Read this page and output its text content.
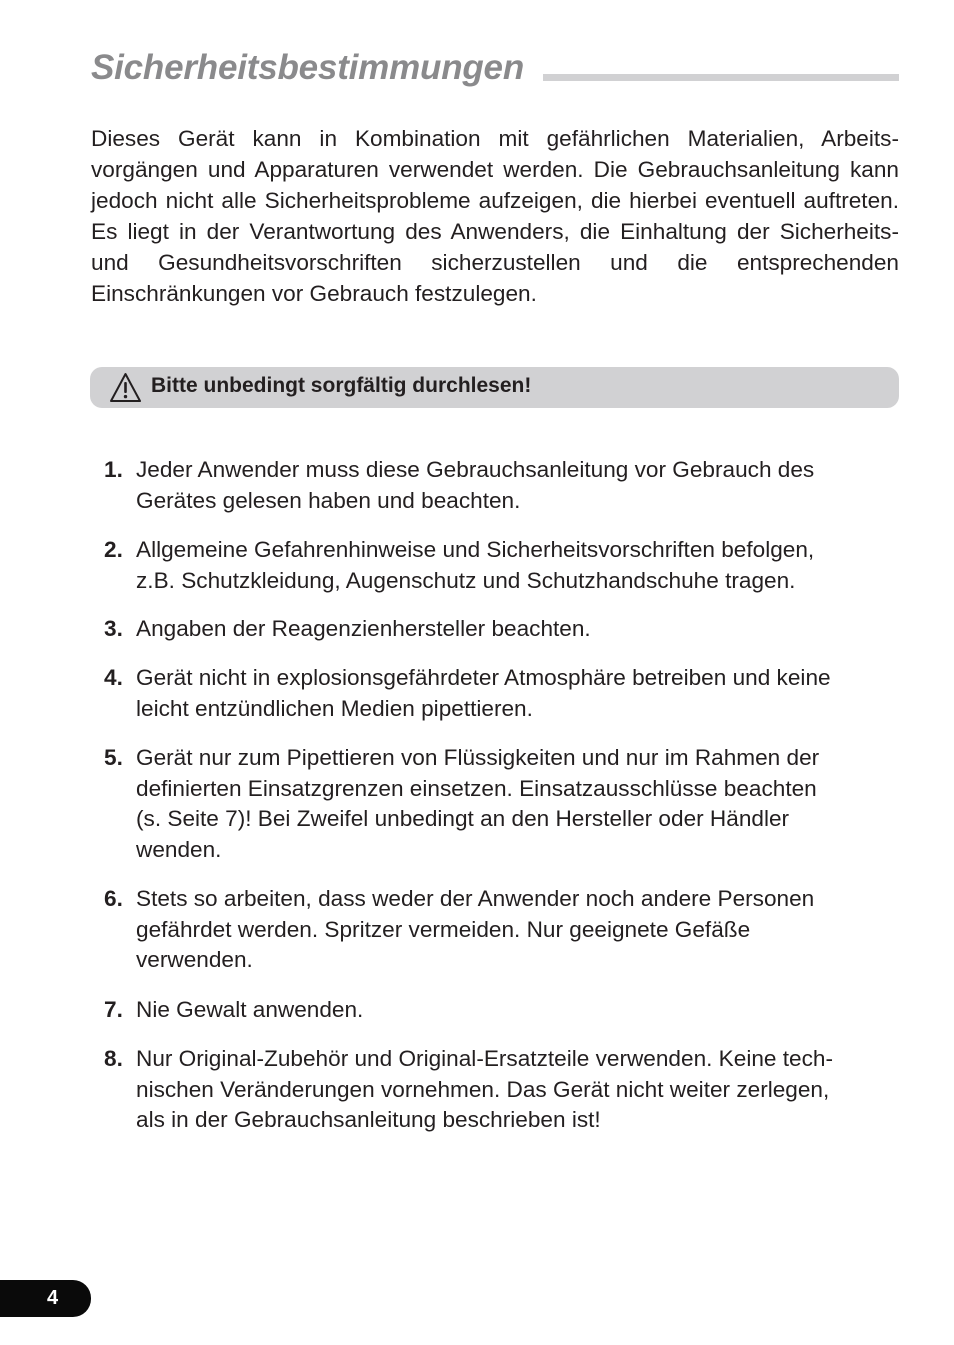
Sicherheitsbestimmungen

Dieses Gerät kann in Kombination mit gefährlichen Materialien, Arbeitsvorgängen und Apparaturen verwendet werden. Die Gebrauchsanleitung kann jedoch nicht alle Sicherheitsprobleme aufzeigen, die hierbei eventuell auftreten. Es liegt in der Verantwortung des Anwenders, die Einhaltung der Sicherheits- und Gesundheitsvorschriften sicherzustellen und die entsprechenden Einschränkungen vor Gebrauch festzulegen.

Bitte unbedingt sorgfältig durchlesen!
1. Jeder Anwender muss diese Gebrauchsanleitung vor Gebrauch des
Gerätes gelesen haben und beachten.
2. Allgemeine Gefahrenhinweise und Sicherheitsvorschriften befolgen,
z.B. Schutzkleidung, Augenschutz und Schutzhandschuhe tragen.
3. Angaben der Reagenzienhersteller beachten.
4. Gerät nicht in explosionsgefährdeter Atmosphäre betreiben und keine
leicht entzündlichen Medien pipettieren.
5. Gerät nur zum Pipettieren von Flüssigkeiten und nur im Rahmen der
definierten Einsatzgrenzen einsetzen. Einsatzausschlüsse beachten
(s. Seite 7)! Bei Zweifel unbedingt an den Hersteller oder Händler
wenden.
6. Stets so arbeiten, dass weder der Anwender noch andere Personen
gefährdet werden. Spritzer vermeiden. Nur geeignete Gefäße
verwenden.
7. Nie Gewalt anwenden.
8. Nur Original-Zubehör und Original-Ersatzteile verwenden. Keine tech-
nischen Veränderungen vornehmen. Das Gerät nicht weiter zerlegen,
als in der Gebrauchsanleitung beschrieben ist!
4
